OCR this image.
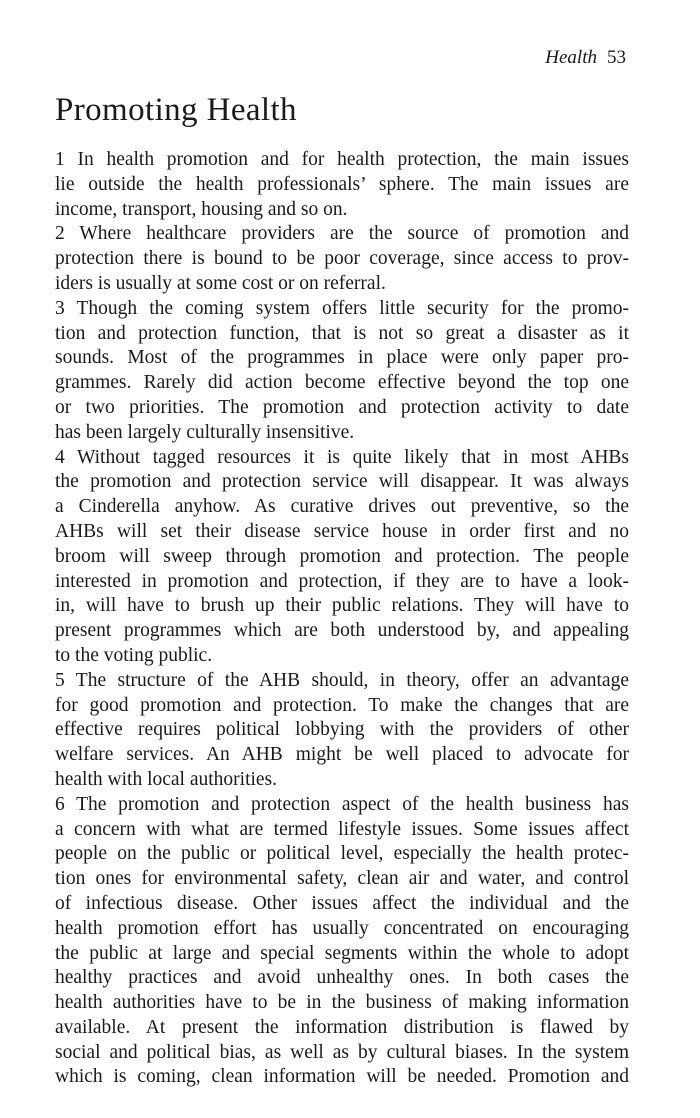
Health 53
Promoting Health
1 In health promotion and for health protection, the main issues
lie outside the health professionals’ sphere. The main issues are
income, transport, housing and so on.
2 Where healthcare providers are the source of promotion and
protection there is bound to be poor coverage, since access to prov-
iders is usually at some cost or on referral.
3 Though the coming system offers little security for the promo-
tion and protection function, that is not so great a disaster as it
sounds. Most of the programmes in place were only paper pro-
grammes. Rarely did action become effective beyond the top one
or two priorities. The promotion and protection activity to date
has been largely culturally insensitive.
4 Without tagged resources it is quite likely that in most AHBs
the promotion and protection service will disappear. It was always
a Cinderella anyhow. As curative drives out preventive, so the
AHBs will set their disease service house in order first and no
broom will sweep through promotion and protection. The people
interested in promotion and protection, if they are to have a look-
in, will have to brush up their public relations. They will have to
present programmes which are both understood by, and appealing
to the voting public.
5 The structure of the AHB should, in theory, offer an advantage
for good promotion and protection. To make the changes that are
effective requires political lobbying with the providers of other
welfare services. An AHB might be well placed to advocate for
health with local authorities.
6 The promotion and protection aspect of the health business has
a concern with what are termed lifestyle issues. Some issues affect
people on the public or political level, especially the health protec-
tion ones for environmental safety, clean air and water, and control
of infectious disease. Other issues affect the individual and the
health promotion effort has usually concentrated on encouraging
the public at large and special segments within the whole to adopt
healthy practices and avoid unhealthy ones. In both cases the
health authorities have to be in the business of making information
available. At present the information distribution is flawed by
social and political bias, as well as by cultural biases. In the system
which is coming, clean information will be needed. Promotion and
